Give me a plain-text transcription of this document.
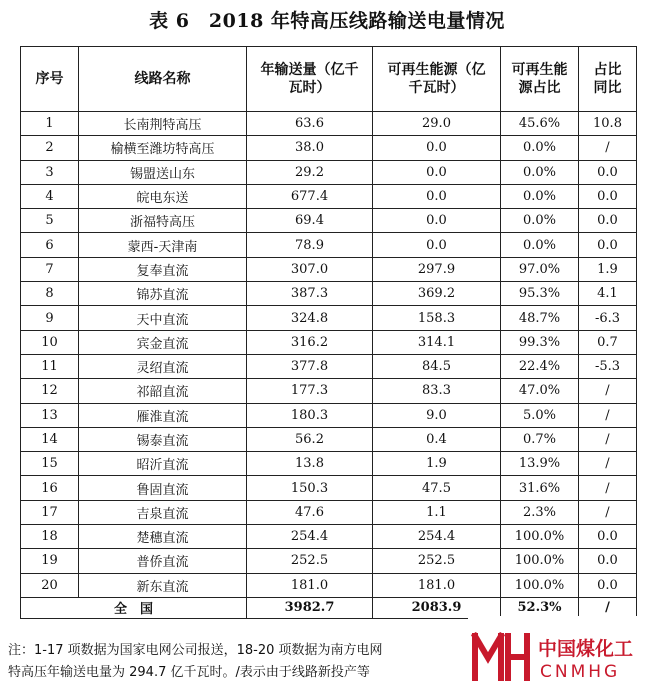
表 6　2018 年特高压线路输送电量情况
序号	线路名称	年输送量（亿千瓦时）	可再生能源（亿千瓦时）	可再生能源占比	占比同比
1	长南荆特高压	63.6	29.0	45.6%	10.8
2	榆横至潍坊特高压	38.0	0.0	0.0%	/
3	锡盟送山东	29.2	0.0	0.0%	0.0
4	皖电东送	677.4	0.0	0.0%	0.0
5	浙福特高压	69.4	0.0	0.0%	0.0
6	蒙西-天津南	78.9	0.0	0.0%	0.0
7	复奉直流	307.0	297.9	97.0%	1.9
8	锦苏直流	387.3	369.2	95.3%	4.1
9	天中直流	324.8	158.3	48.7%	-6.3
10	宾金直流	316.2	314.1	99.3%	0.7
11	灵绍直流	377.8	84.5	22.4%	-5.3
12	祁韶直流	177.3	83.3	47.0%	/
13	雁淮直流	180.3	9.0	5.0%	/
14	锡泰直流	56.2	0.4	0.7%	/
15	昭沂直流	13.8	1.9	13.9%	/
16	鲁固直流	150.3	47.5	31.6%	/
17	吉泉直流	47.6	1.1	2.3%	/
18	楚穗直流	254.4	254.4	100.0%	0.0
19	普侨直流	252.5	252.5	100.0%	0.0
20	新东直流	181.0	181.0	100.0%	0.0
全　国		3982.7	2083.9	52.3%	/
注：1-17 项数据为国家电网公司报送，18-20 项数据为南方电网
特高压年输送电量为 294.7 亿千瓦时。/表示由于线路新投产等
中国煤化工
CNMHG
